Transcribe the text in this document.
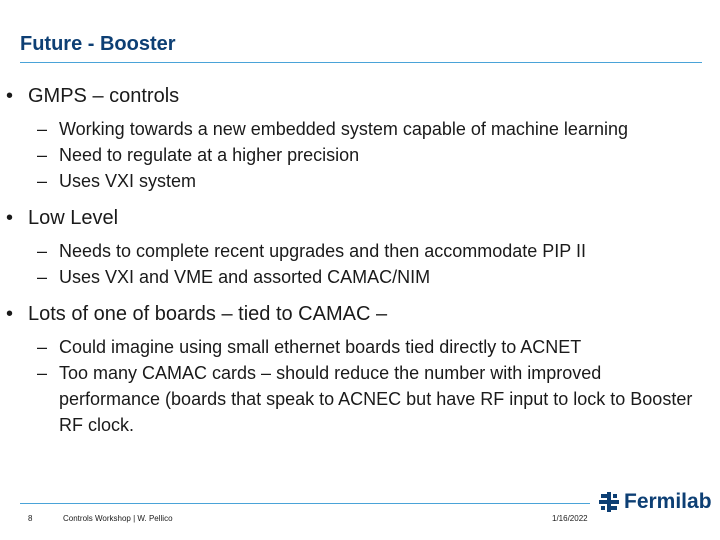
Future - Booster

• GMPS – controls

– Working towards a new embedded system capable of machine learning

– Need to regulate at a higher precision

– Uses VXI system

• Low Level

– Needs to complete recent upgrades and then accommodate PIP II

– Uses VXI and VME and assorted CAMAC/NIM

• Lots of one of boards – tied to CAMAC –

– Could imagine using small ethernet boards tied directly to ACNET

– Too many CAMAC cards – should reduce the number with improved performance (boards that speak to ACNEC but have RF input to lock to Booster RF clock.

8	Controls Workshop | W. Pellico	1/16/2022
Fermilab
